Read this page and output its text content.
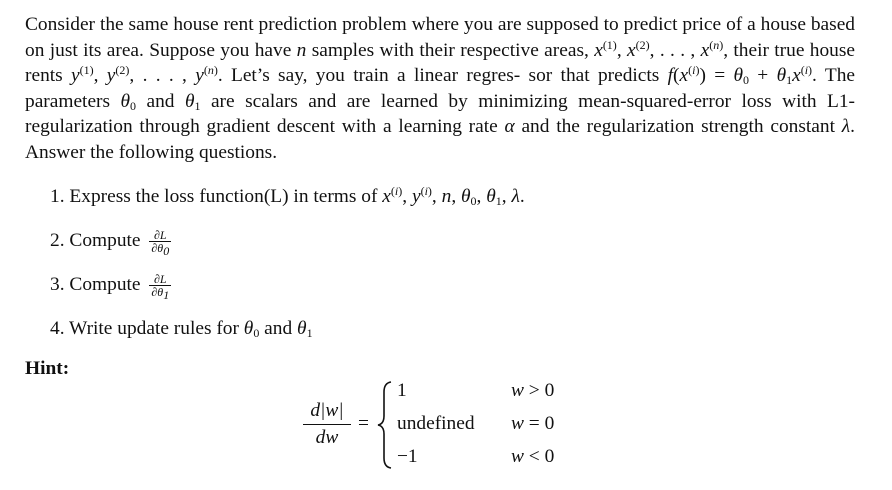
Consider the same house rent prediction problem where you are supposed to predict price of a house based on just its area. Suppose you have n samples with their respective areas, $x^{(1)}$, $x^{(2)}$, . . . , $x^{(n)}$, their true house rents $y^{(1)}$, $y^{(2)}$, . . . , $y^{(n)}$. Let’s say, you train a linear regres- sor that predicts $f(x^{(i)}) = \theta_0 + \theta_1x^{(i)}$. The parameters $\theta_0$ and $\theta_1$ are scalars and are learned by minimizing mean-squared-error loss with L1-regularization through gradient descent with a learning rate α and the regularization strength constant λ. Answer the following questions.
1. Express the loss function(L) in terms of $x^{(i)}$, $y^{(i)}$, n, $\theta_0$, $\theta_1$, λ.
2. Compute $\frac{\partial L}{\partial\theta_0}$
3. Compute $\frac{\partial L}{\partial\theta_1}$
4. Write update rules for $\theta_0$ and $\theta_1$
Hint:
$\frac{d|w|}{dw}$ =
1	w > 0
undefined w = 0
−1	w < 0
